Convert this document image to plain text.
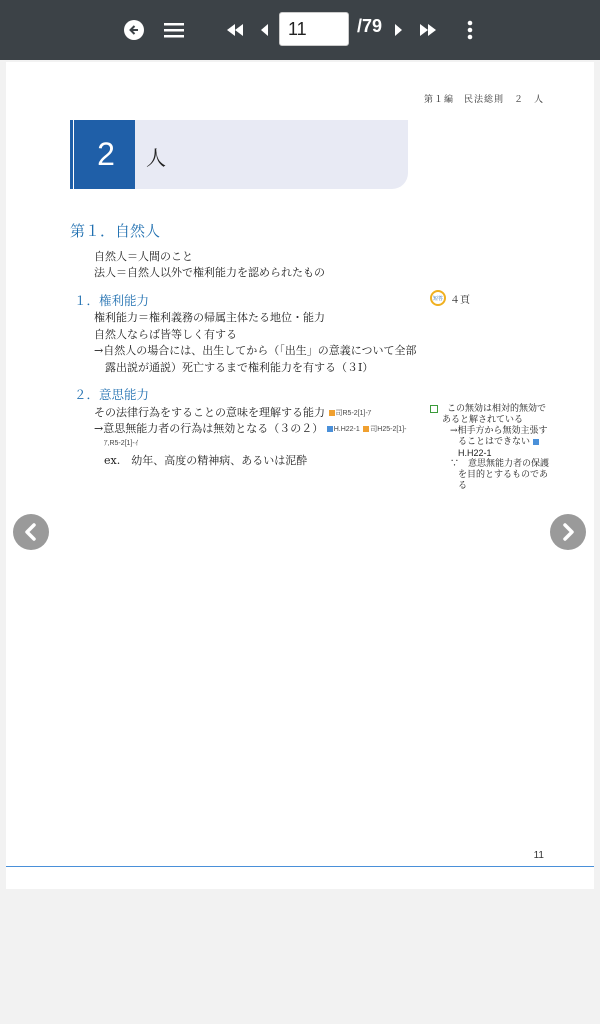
11
/79
第１編　民法総則　２　人
2	人
第１．自然人
自然人＝人間のこと
法人＝自然人以外で権利能力を認められたもの
１．権利能力
権利能力＝権利義務の帰属主体たる地位・能力
自然人ならば皆等しく有する
→自然人の場合には、出生してから（「出生」の意義について全部
　露出説が通説）死亡するまで権利能力を有する（３Ⅰ）
短答 ４頁
２．意思能力
その法律行為をすることの意味を理解する能力 司R5-2[1]-ｱ
→意思無能力者の行為は無効となる（３の２） H.H22-1 司H25-2[1]-
ｱ,R5-2[1]-ｲ
ex.　幼年、高度の精神病、あるいは泥酔
　この無効は相対的無効で
あると解されている
→相手方から無効主張す
ることはできない
H.H22-1
∵　意思無能力者の保護
を目的とするものであ
る
11
